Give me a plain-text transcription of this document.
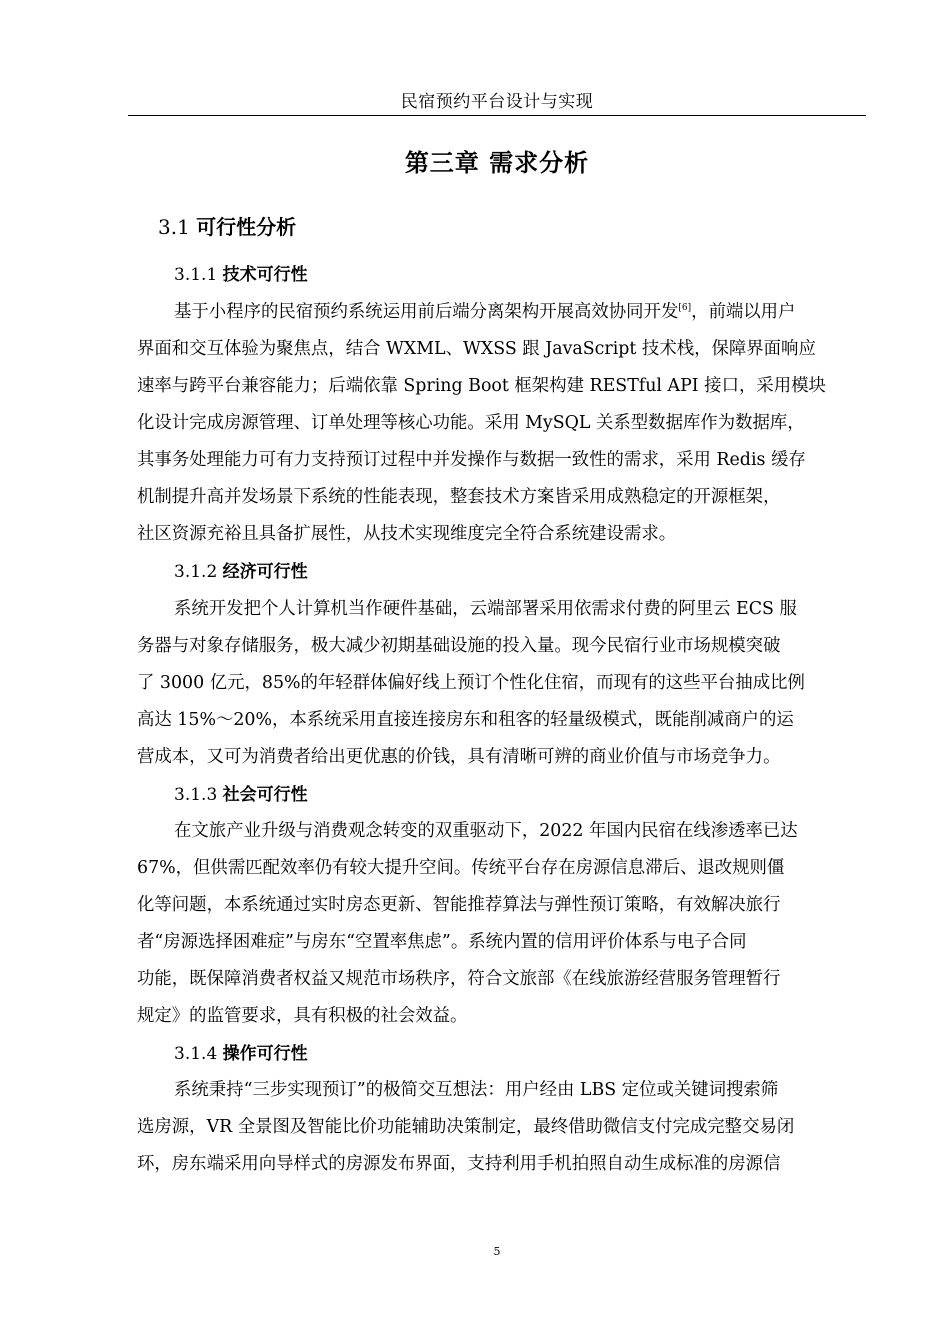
民宿预约平台设计与实现
第三章 需求分析
3.1 可行性分析
3.1.1 技术可行性
基于小程序的民宿预约系统运用前后端分离架构开展高效协同开发[6]，前端以用户
界面和交互体验为聚焦点，结合 WXML、WXSS 跟 JavaScript 技术栈，保障界面响应
速率与跨平台兼容能力；后端依靠 Spring Boot 框架构建 RESTful API 接口，采用模块
化设计完成房源管理、订单处理等核心功能。采用 MySQL 关系型数据库作为数据库，
其事务处理能力可有力支持预订过程中并发操作与数据一致性的需求，采用 Redis 缓存
机制提升高并发场景下系统的性能表现，整套技术方案皆采用成熟稳定的开源框架，
社区资源充裕且具备扩展性，从技术实现维度完全符合系统建设需求。
3.1.2 经济可行性
系统开发把个人计算机当作硬件基础，云端部署采用依需求付费的阿里云 ECS 服
务器与对象存储服务，极大减少初期基础设施的投入量。现今民宿行业市场规模突破
了 3000 亿元，85%的年轻群体偏好线上预订个性化住宿，而现有的这些平台抽成比例
高达 15%～20%，本系统采用直接连接房东和租客的轻量级模式，既能削减商户的运
营成本，又可为消费者给出更优惠的价钱，具有清晰可辨的商业价值与市场竞争力。
3.1.3 社会可行性
在文旅产业升级与消费观念转变的双重驱动下，2022 年国内民宿在线渗透率已达
67%，但供需匹配效率仍有较大提升空间。传统平台存在房源信息滞后、退改规则僵
化等问题，本系统通过实时房态更新、智能推荐算法与弹性预订策略，有效解决旅行
者“房源选择困难症”与房东“空置率焦虑”。系统内置的信用评价体系与电子合同
功能，既保障消费者权益又规范市场秩序，符合文旅部《在线旅游经营服务管理暂行
规定》的监管要求，具有积极的社会效益。
3.1.4 操作可行性
系统秉持“三步实现预订”的极简交互想法：用户经由 LBS 定位或关键词搜索筛
选房源，VR 全景图及智能比价功能辅助决策制定，最终借助微信支付完成完整交易闭
环，房东端采用向导样式的房源发布界面，支持利用手机拍照自动生成标准的房源信
5
